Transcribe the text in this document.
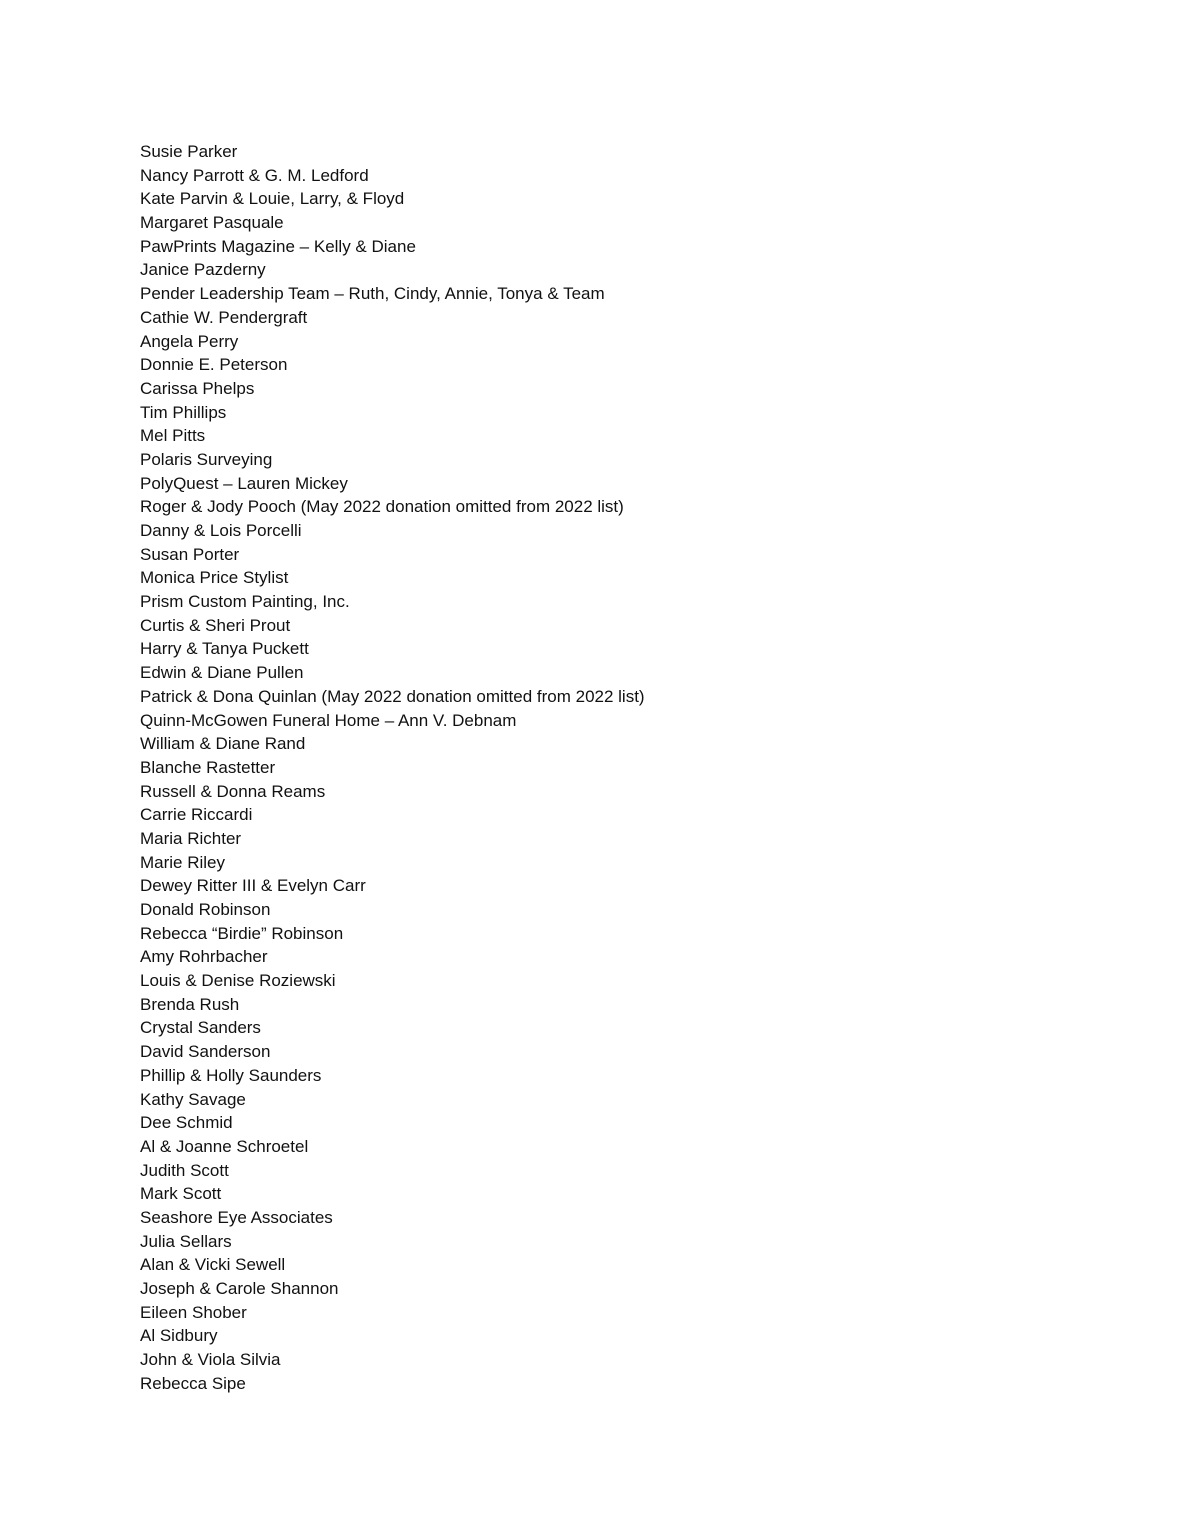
Susie Parker
Nancy Parrott & G. M. Ledford
Kate Parvin & Louie, Larry, & Floyd
Margaret Pasquale
PawPrints Magazine – Kelly & Diane
Janice Pazderny
Pender Leadership Team – Ruth, Cindy, Annie, Tonya & Team
Cathie W. Pendergraft
Angela Perry
Donnie E. Peterson
Carissa Phelps
Tim Phillips
Mel Pitts
Polaris Surveying
PolyQuest – Lauren Mickey
Roger & Jody Pooch (May 2022 donation omitted from 2022 list)
Danny & Lois Porcelli
Susan Porter
Monica Price Stylist
Prism Custom Painting, Inc.
Curtis & Sheri Prout
Harry & Tanya Puckett
Edwin & Diane Pullen
Patrick & Dona Quinlan (May 2022 donation omitted from 2022 list)
Quinn-McGowen Funeral Home – Ann V. Debnam
William & Diane Rand
Blanche Rastetter
Russell & Donna Reams
Carrie Riccardi
Maria Richter
Marie Riley
Dewey Ritter III & Evelyn Carr
Donald Robinson
Rebecca “Birdie” Robinson
Amy Rohrbacher
Louis & Denise Roziewski
Brenda Rush
Crystal Sanders
David Sanderson
Phillip & Holly Saunders
Kathy Savage
Dee Schmid
Al & Joanne Schroetel
Judith Scott
Mark Scott
Seashore Eye Associates
Julia Sellars
Alan & Vicki Sewell
Joseph & Carole Shannon
Eileen Shober
Al Sidbury
John & Viola Silvia
Rebecca Sipe
